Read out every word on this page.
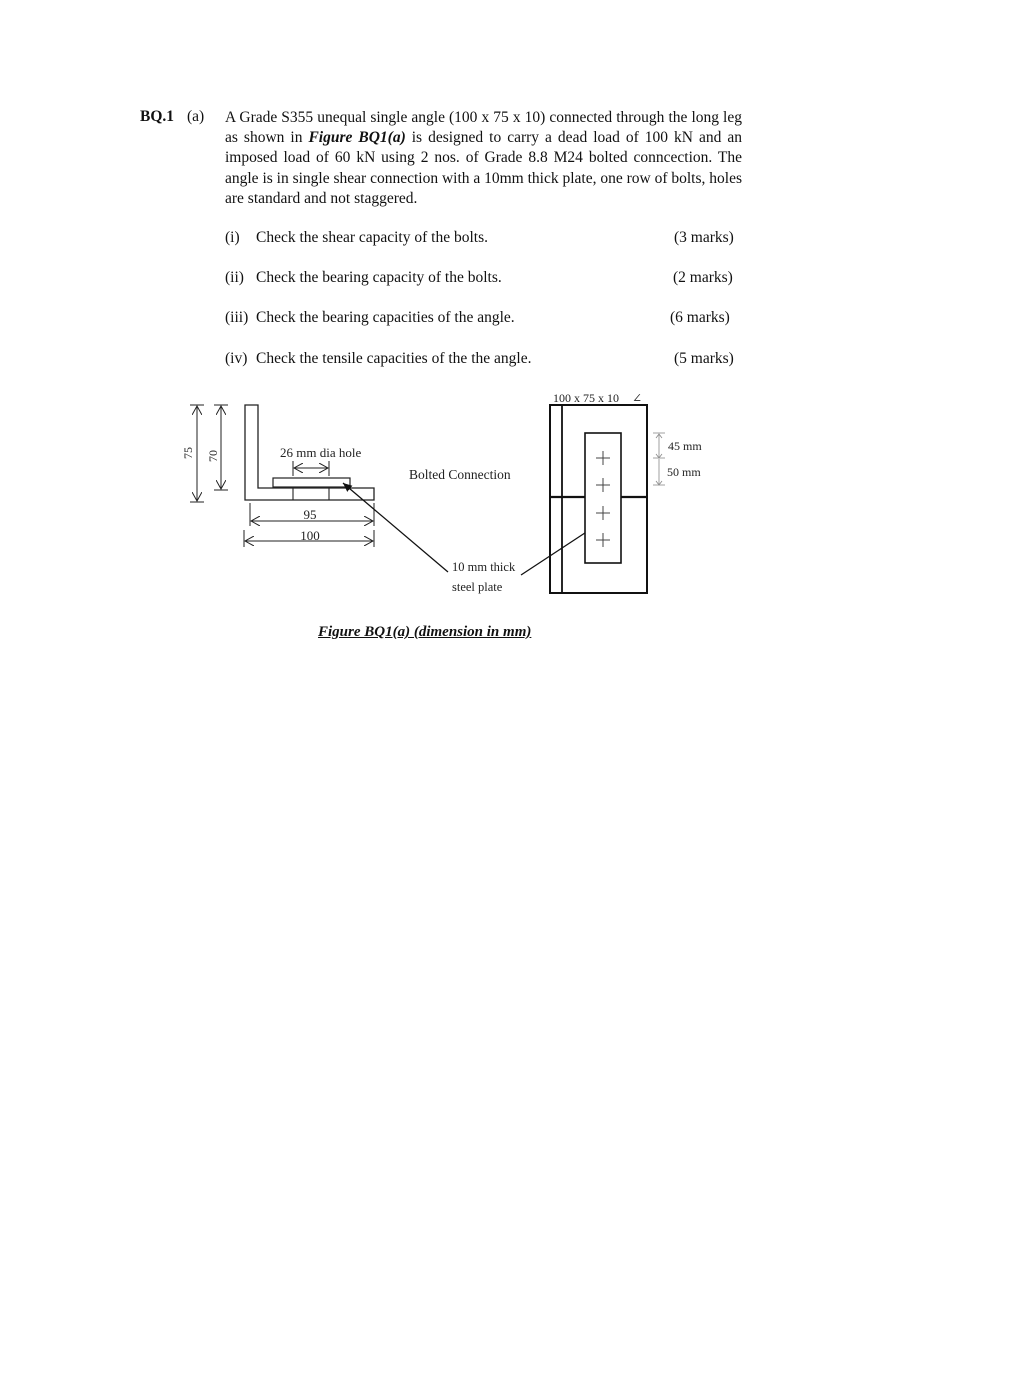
BQ.1 (a) A Grade S355 unequal single angle (100 x 75 x 10) connected through the long leg as shown in Figure BQ1(a) is designed to carry a dead load of 100 kN and an imposed load of 60 kN using 2 nos. of Grade 8.8 M24 bolted conncection. The angle is in single shear connection with a 10mm thick plate, one row of bolts, holes are standard and not staggered.
(i) Check the shear capacity of the bolts.	(3 marks)
(ii) Check the bearing capacity of the bolts.	(2 marks)
(iii) Check the bearing capacities of the angle.	(6 marks)
(iv) Check the tensile capacities of the the angle.	(5 marks)
75 70	26 mm dia hole
95
100
Bolted Connection
10 mm thick
steel plate
100 x 75 x 10 ∠
45 mm
50 mm
Figure BQ1(a) (dimension in mm)
